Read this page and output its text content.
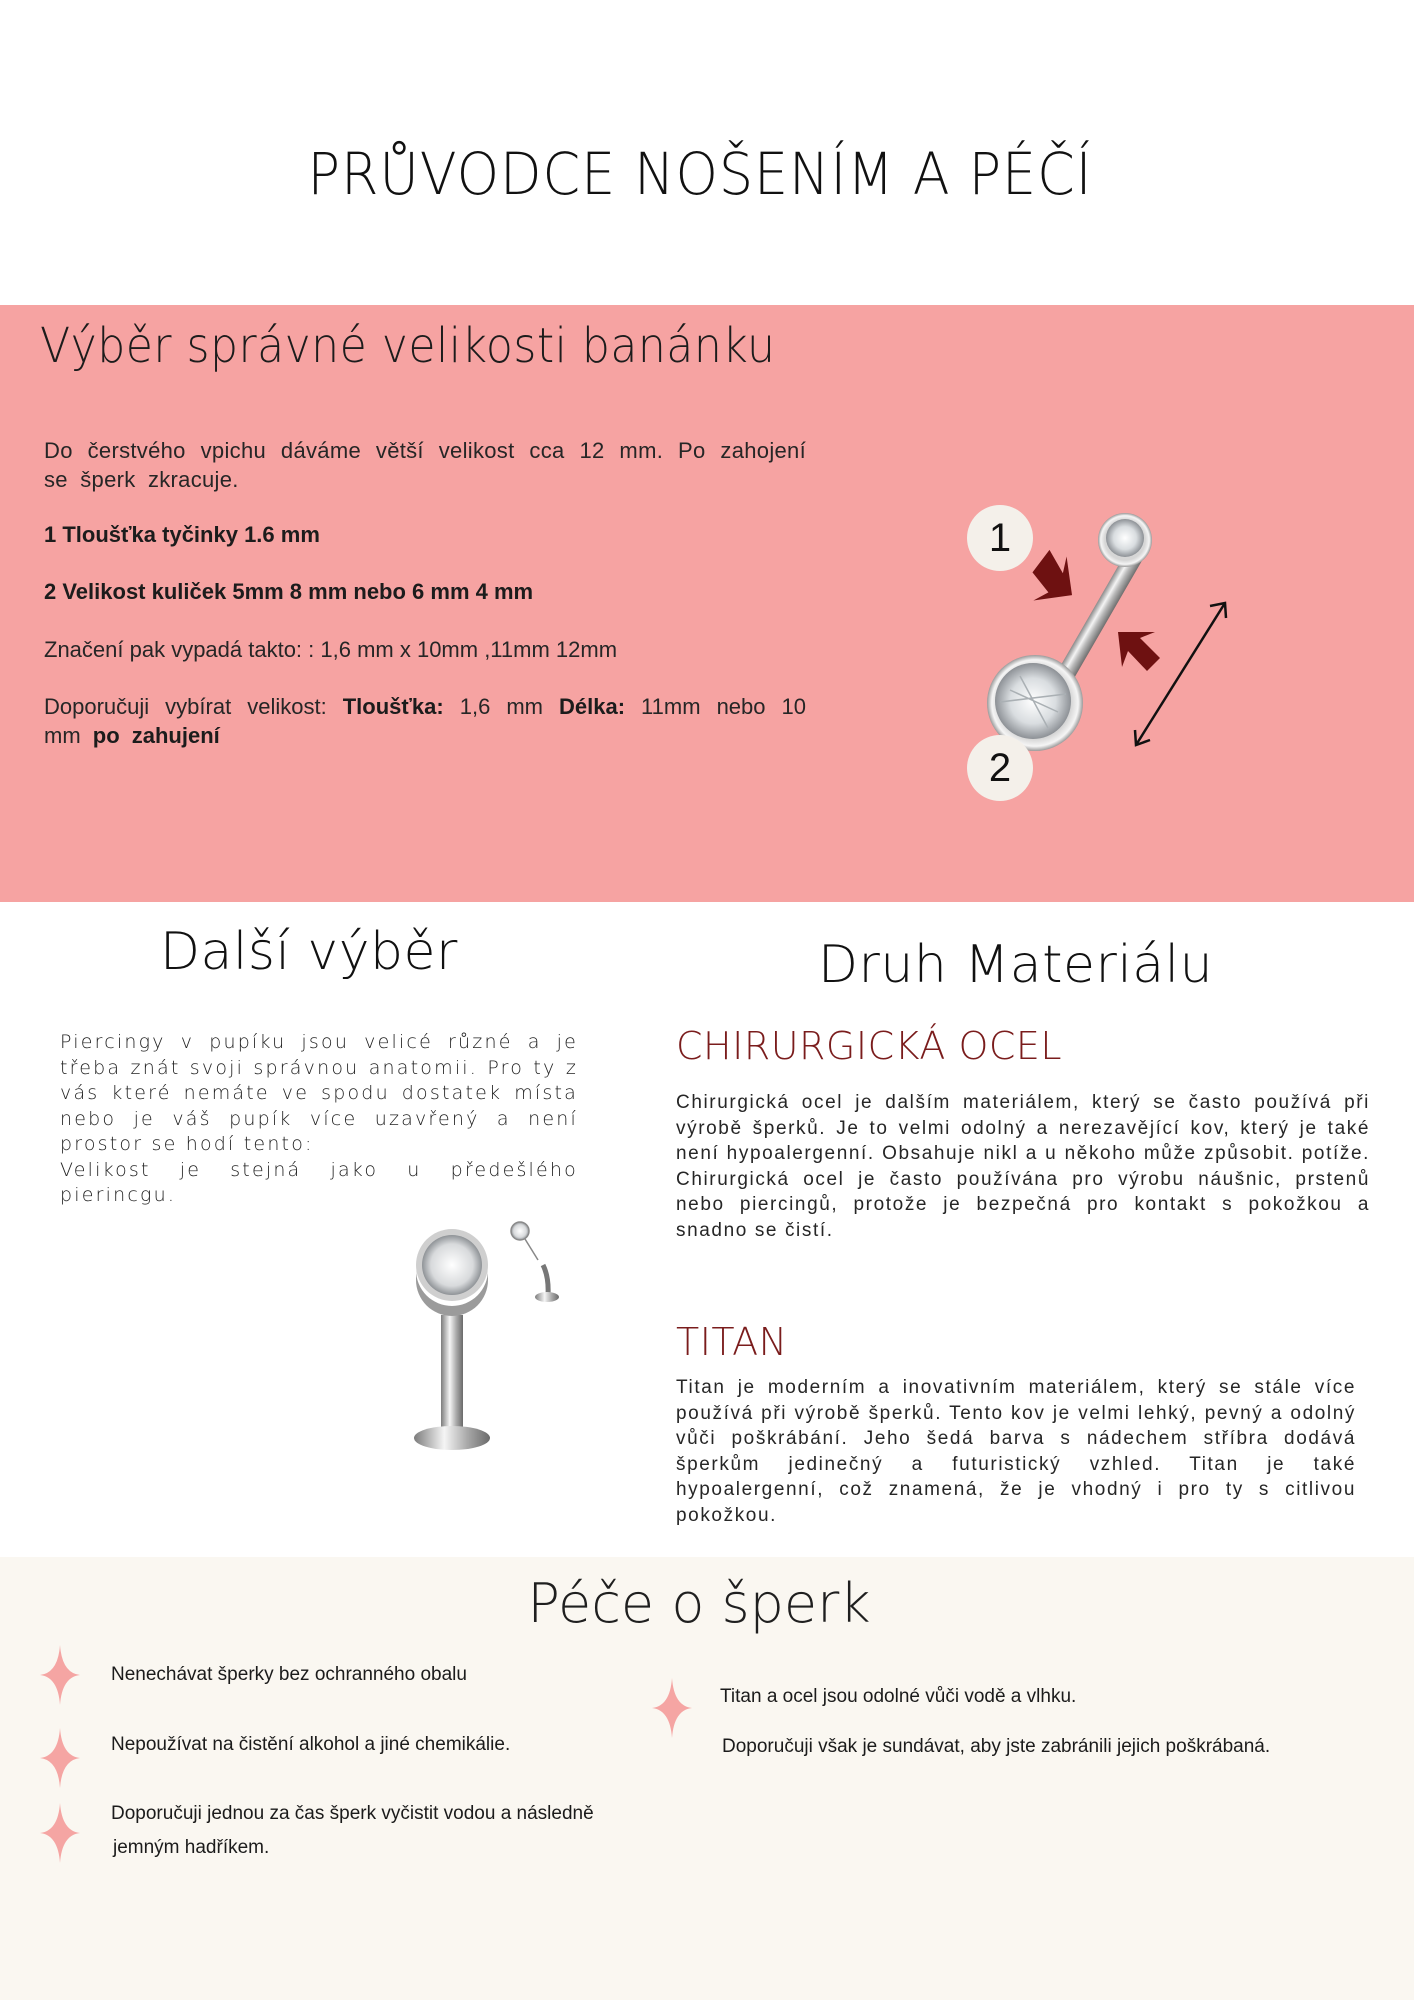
PRŮVODCE NOŠENÍM A PÉČÍ
Výběr správné velikosti banánku
Do čerstvého vpichu dáváme větší velikost cca 12 mm. Po zahojení se šperk zkracuje.
1 Tloušťka tyčinky 1.6 mm
2 Velikost kuliček 5mm 8 mm nebo 6 mm 4 mm
Značení pak vypadá takto: : 1,6 mm x 10mm ,11mm 12mm
Doporučuji vybírat velikost: Tloušťka: 1,6 mm Délka: 11mm nebo 10 mm po zahujení
1
2
Další výběr
Piercingy v pupíku jsou velicé různé a je třeba znát svoji správnou anatomii. Pro ty z vás které nemáte ve spodu dostatek místa nebo je váš pupík více uzavřený a není prostor se hodí tento:
Velikost je stejná jako u předešlého pierincgu.
Druh Materiálu
CHIRURGICKÁ OCEL
Chirurgická ocel je dalším materiálem, který se často používá při výrobě šperků. Je to velmi odolný a nerezavějící kov, který je také není hypoalergenní. Obsahuje nikl a u někoho může způsobit. potíže. Chirurgická ocel je často používána pro výrobu náušnic, prstenů nebo piercingů, protože je bezpečná pro kontakt s pokožkou a snadno se čistí.
TITAN
Titan je moderním a inovativním materiálem, který se stále více používá při výrobě šperků. Tento kov je velmi lehký, pevný a odolný vůči poškrábání. Jeho šedá barva s nádechem stříbra dodává šperkům jedinečný a futuristický vzhled. Titan je také hypoalergenní, což znamená, že je vhodný i pro ty s citlivou pokožkou.
Péče o šperk
Nenechávat šperky bez ochranného obalu
Nepoužívat na čistění alkohol a jiné chemikálie.
Doporučuji jednou za čas šperk vyčistit vodou a následně
jemným hadříkem.
Titan a ocel jsou odolné vůči vodě a vlhku.
Doporučuji však je sundávat, aby jste zabránili jejich poškrábaná.
